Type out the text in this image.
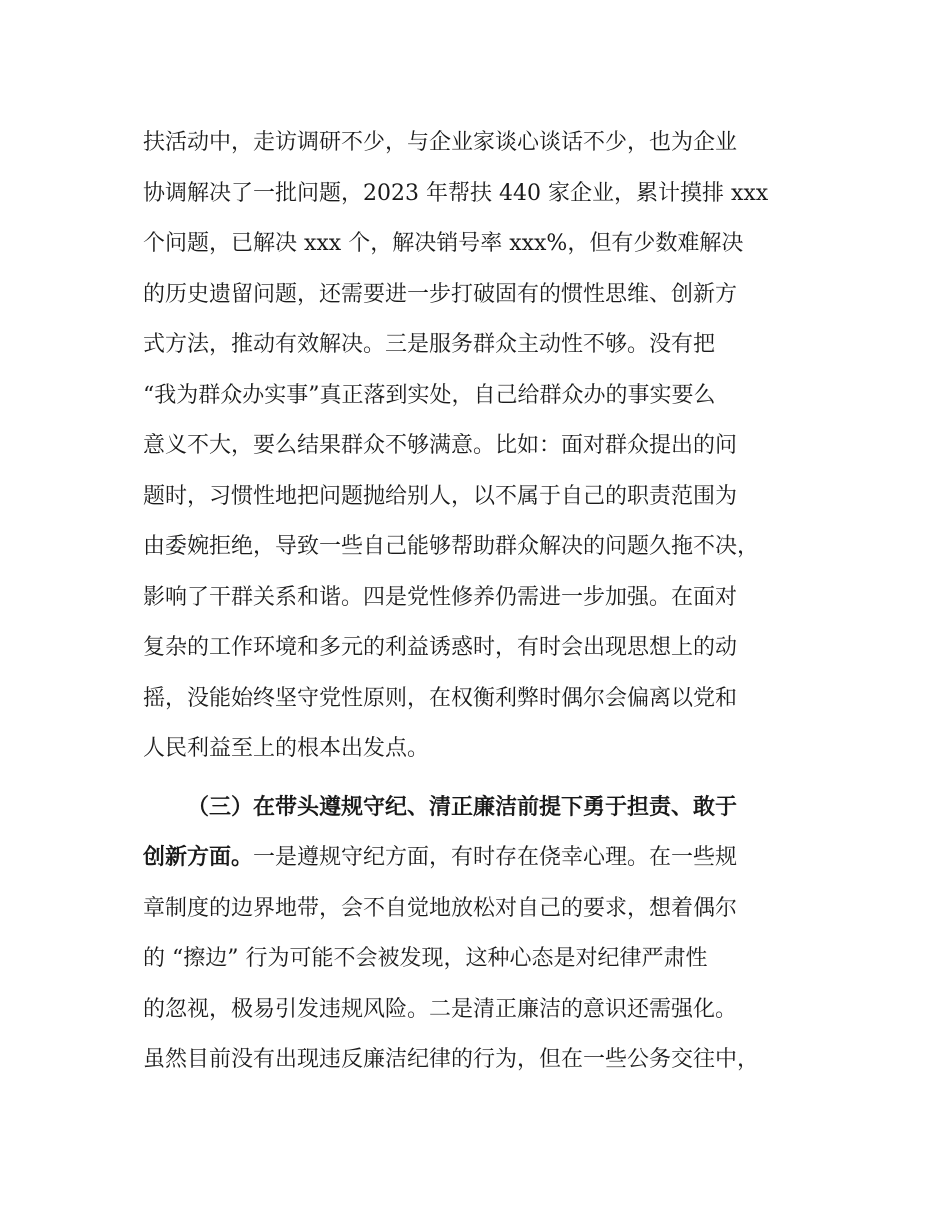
扶活动中，走访调研不少，与企业家谈心谈话不少，也为企业
协调解决了一批问题，2023 年帮扶 440 家企业，累计摸排 xxx
个问题，已解决 xxx 个，解决销号率 xxx%，但有少数难解决
的历史遗留问题，还需要进一步打破固有的惯性思维、创新方
式方法，推动有效解决。三是服务群众主动性不够。没有把
“我为群众办实事”真正落到实处，自己给群众办的事实要么
意义不大，要么结果群众不够满意。比如：面对群众提出的问
题时，习惯性地把问题抛给别人，以不属于自己的职责范围为
由委婉拒绝，导致一些自己能够帮助群众解决的问题久拖不决，
影响了干群关系和谐。四是党性修养仍需进一步加强。在面对
复杂的工作环境和多元的利益诱惑时，有时会出现思想上的动
摇，没能始终坚守党性原则，在权衡利弊时偶尔会偏离以党和
人民利益至上的根本出发点。
（三）在带头遵规守纪、清正廉洁前提下勇于担责、敢于
创新方面。一是遵规守纪方面，有时存在侥幸心理。在一些规
章制度的边界地带，会不自觉地放松对自己的要求，想着偶尔
的 “擦边” 行为可能不会被发现，这种心态是对纪律严肃性
的忽视，极易引发违规风险。二是清正廉洁的意识还需强化。
虽然目前没有出现违反廉洁纪律的行为，但在一些公务交往中，
